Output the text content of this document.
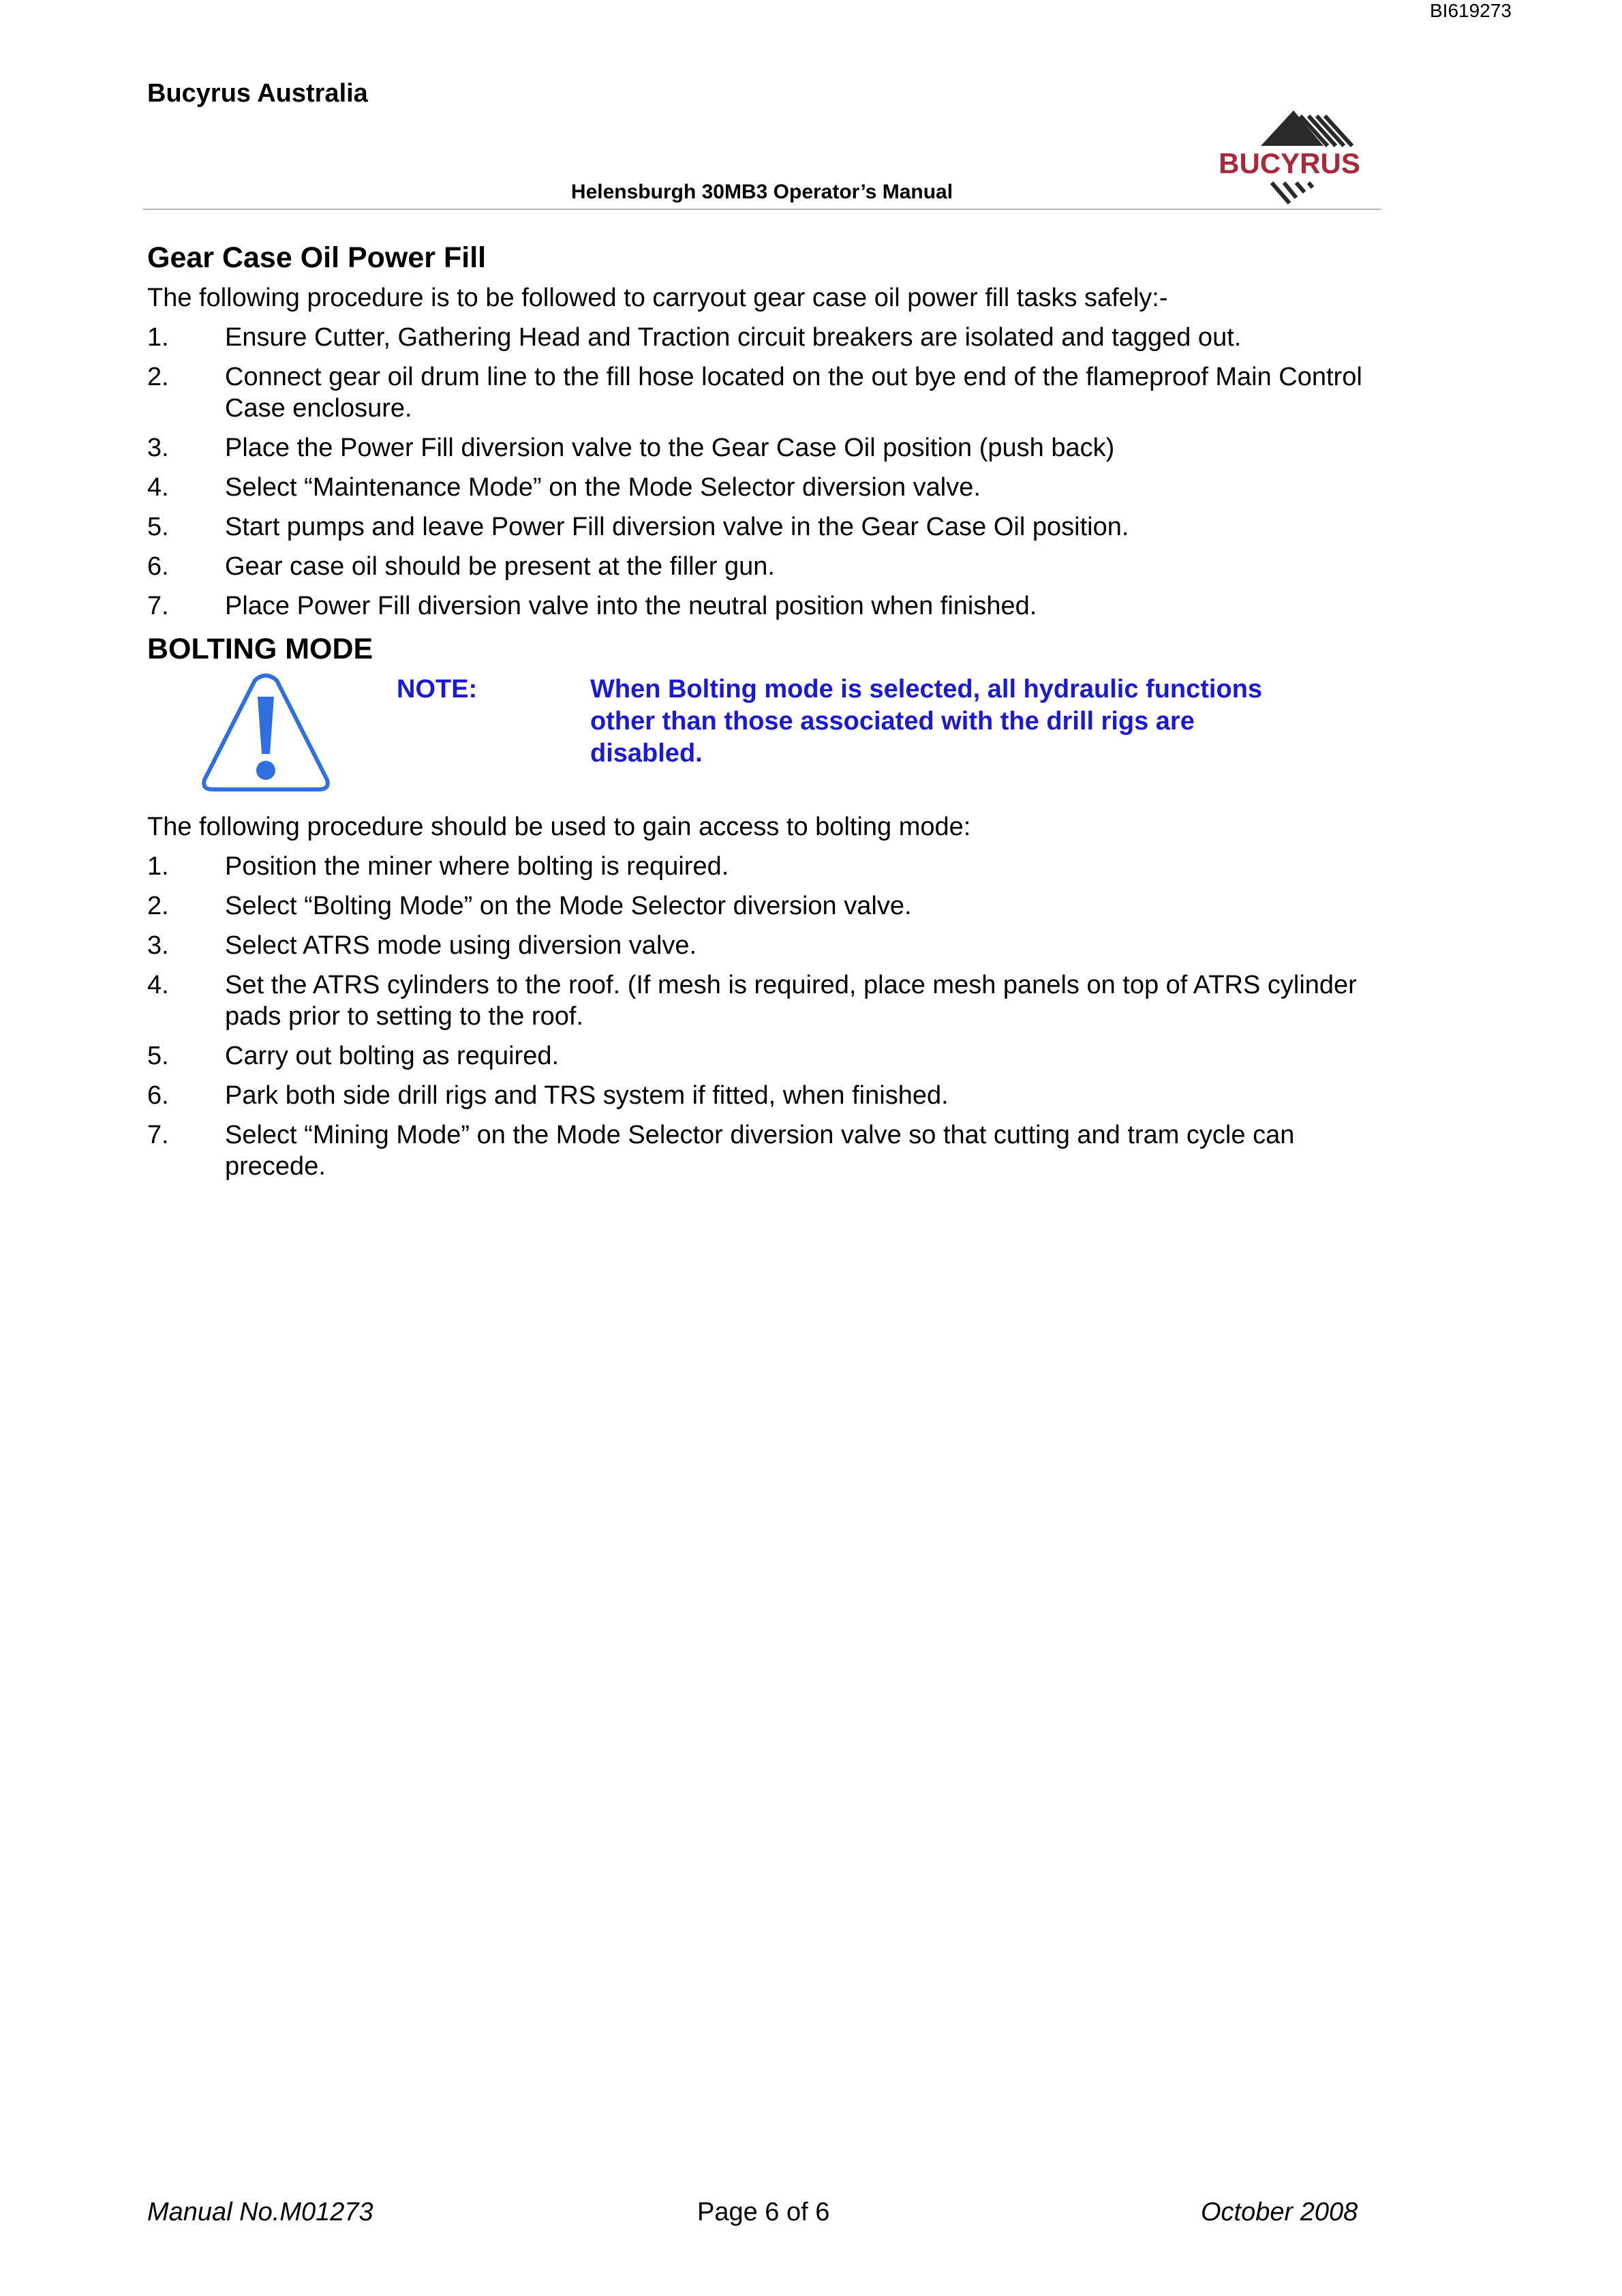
BI619273
Bucyrus Australia
BUCYRUS
Helensburgh 30MB3 Operator’s Manual
Gear Case Oil Power Fill
The following procedure is to be followed to carryout gear case oil power fill tasks safely:-
1.	Ensure Cutter, Gathering Head and Traction circuit breakers are isolated and tagged out.
2.	Connect gear oil drum line to the fill hose located on the out bye end of the flameproof Main Control Case enclosure.
3.	Place the Power Fill diversion valve to the Gear Case Oil position (push back)
4.	Select “Maintenance Mode” on the Mode Selector diversion valve.
5.	Start pumps and leave Power Fill diversion valve in the Gear Case Oil position.
6.	Gear case oil should be present at the filler gun.
7.	Place Power Fill diversion valve into the neutral position when finished.
BOLTING MODE
NOTE:	When Bolting mode is selected, all hydraulic functions other than those associated with the drill rigs are disabled.
The following procedure should be used to gain access to bolting mode:
1.	Position the miner where bolting is required.
2.	Select “Bolting Mode” on the Mode Selector diversion valve.
3.	Select ATRS mode using diversion valve.
4.	Set the ATRS cylinders to the roof. (If mesh is required, place mesh panels on top of ATRS cylinder pads prior to setting to the roof.
5.	Carry out bolting as required.
6.	Park both side drill rigs and TRS system if fitted, when finished.
7.	Select “Mining Mode” on the Mode Selector diversion valve so that cutting and tram cycle can precede.
Manual No.M01273	Page 6 of 6	October 2008
